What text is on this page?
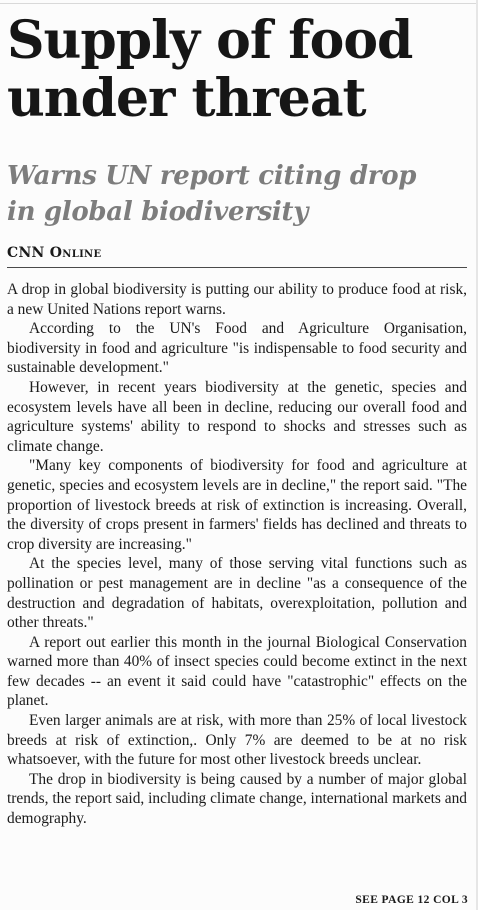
Supply of food
under threat
Warns UN report citing drop
in global biodiversity
CNN Online

A drop in global biodiversity is putting our ability to produce food at risk, a new United Nations report warns.

According to the UN's Food and Agriculture Organisation, biodiversity in food and agriculture "is indispensable to food security and sustainable development."

However, in recent years biodiversity at the genetic, species and ecosystem levels have all been in decline, reducing our overall food and agriculture systems' ability to respond to shocks and stresses such as climate change.

"Many key components of biodiversity for food and agriculture at genetic, species and ecosystem levels are in decline," the report said. "The proportion of livestock breeds at risk of extinction is increasing. Overall, the diversity of crops present in farmers' fields has declined and threats to crop diversity are increasing."

At the species level, many of those serving vital functions such as pollination or pest management are in decline "as a consequence of the destruction and degradation of habitats, overexploitation, pollution and other threats."

A report out earlier this month in the journal Biological Conservation warned more than 40% of insect species could become extinct in the next few decades -- an event it said could have "catastrophic" effects on the planet.

Even larger animals are at risk, with more than 25% of local livestock breeds at risk of extinction,. Only 7% are deemed to be at no risk whatsoever, with the future for most other livestock breeds unclear.

The drop in biodiversity is being caused by a number of major global trends, the report said, including climate change, international markets and demography.

SEE PAGE 12 COL 3
